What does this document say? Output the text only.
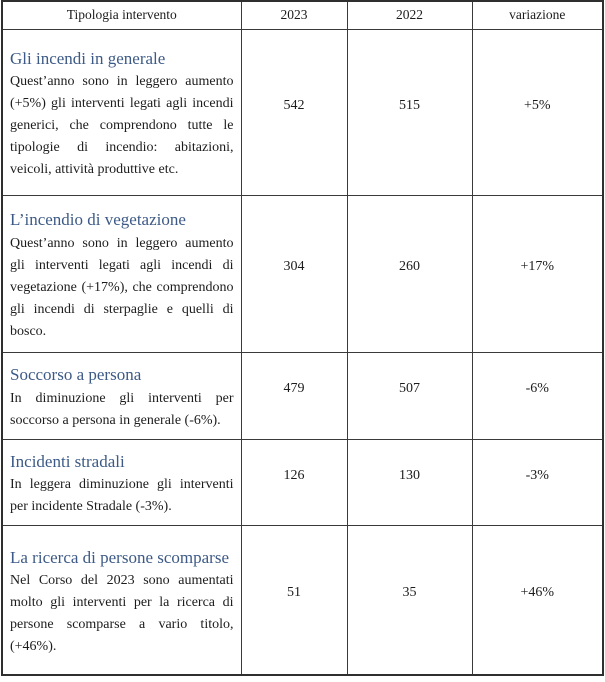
Tipologia intervento	2023	2022	variazione

Gli incendi in generale
Quest’anno sono in leggero aumento (+5%) gli interventi legati agli incendi generici, che comprendono tutte le tipologie di incendio: abitazioni, veicoli, attività produttive etc.	542	515	+5%

L’incendio di vegetazione
Quest’anno sono in leggero aumento gli interventi legati agli incendi di vegetazione (+17%), che comprendono gli incendi di sterpaglie e quelli di bosco.	304	260	+17%

Soccorso a persona
In diminuzione gli interventi per soccorso a persona in generale (-6%).	479	507	-6%

Incidenti stradali
In leggera diminuzione gli interventi per incidente Stradale (-3%).	126	130	-3%

La ricerca di persone scomparse
Nel Corso del 2023 sono aumentati molto gli interventi per la ricerca di persone scomparse a vario titolo, (+46%).	51	35	+46%
